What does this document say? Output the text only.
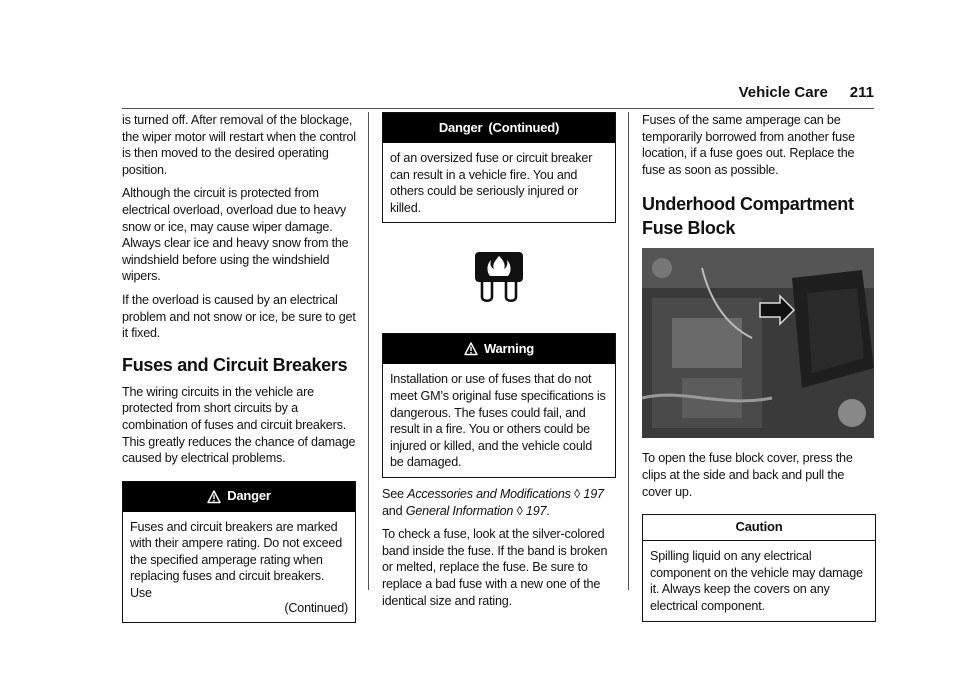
Vehicle Care 211

is turned off. After removal of the blockage, the wiper motor will restart when the control is then moved to the desired operating position.

Although the circuit is protected from electrical overload, overload due to heavy snow or ice, may cause wiper damage. Always clear ice and heavy snow from the windshield before using the windshield wipers.

If the overload is caused by an electrical problem and not snow or ice, be sure to get it fixed.

Fuses and Circuit Breakers

The wiring circuits in the vehicle are protected from short circuits by a combination of fuses and circuit breakers. This greatly reduces the chance of damage caused by electrical problems.

Danger
Fuses and circuit breakers are marked with their ampere rating. Do not exceed the specified amperage rating when replacing fuses and circuit breakers. Use
(Continued)
Danger (Continued)
of an oversized fuse or circuit breaker can result in a vehicle fire. You and others could be seriously injured or killed.
Warning
Installation or use of fuses that do not meet GM’s original fuse specifications is dangerous. The fuses could fail, and result in a fire. You or others could be injured or killed, and the vehicle could be damaged.

See Accessories and Modifications ◊ 197 and General Information ◊ 197.

To check a fuse, look at the silver-colored band inside the fuse. If the band is broken or melted, replace the fuse. Be sure to replace a bad fuse with a new one of the identical size and rating.

Fuses of the same amperage can be temporarily borrowed from another fuse location, if a fuse goes out. Replace the fuse as soon as possible.

Underhood Compartment Fuse Block

To open the fuse block cover, press the clips at the side and back and pull the cover up.

Caution
Spilling liquid on any electrical component on the vehicle may damage it. Always keep the covers on any electrical component.
